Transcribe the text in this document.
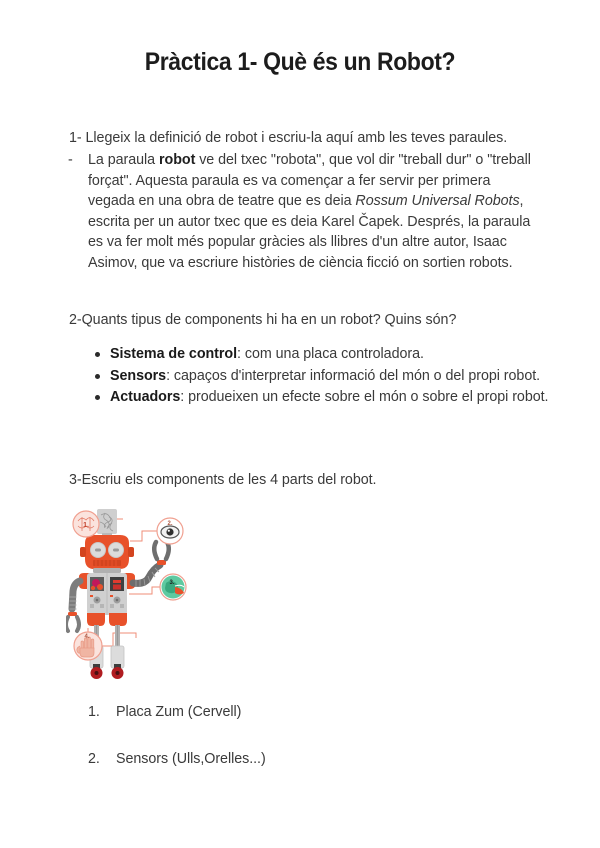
Pràctica 1- Què és un Robot?
1- Llegeix la definició de robot i escriu-la aquí amb les teves paraules.
- La paraula robot ve del txec "robota", que vol dir "treball dur" o "treball forçat". Aquesta paraula es va començar a fer servir per primera vegada en una obra de teatre que es deia Rossum Universal Robots, escrita per un autor txec que es deia Karel Čapek. Després, la paraula es va fer molt més popular gràcies als llibres d'un altre autor, Isaac Asimov, que va escriure històries de ciència ficció on sortien robots.
2-Quants tipus de components hi ha en un robot? Quins són?
Sistema de control: com una placa controladora.
Sensors: capaços d'interpretar informació del món o del propi robot.
Actuadors: produeixen un efecte sobre el món o sobre el propi robot.
3-Escriu els components de les 4 parts del robot.
1.	2.
3.
4.
1. Placa Zum (Cervell)
2. Sensors (Ulls,Orelles...)
